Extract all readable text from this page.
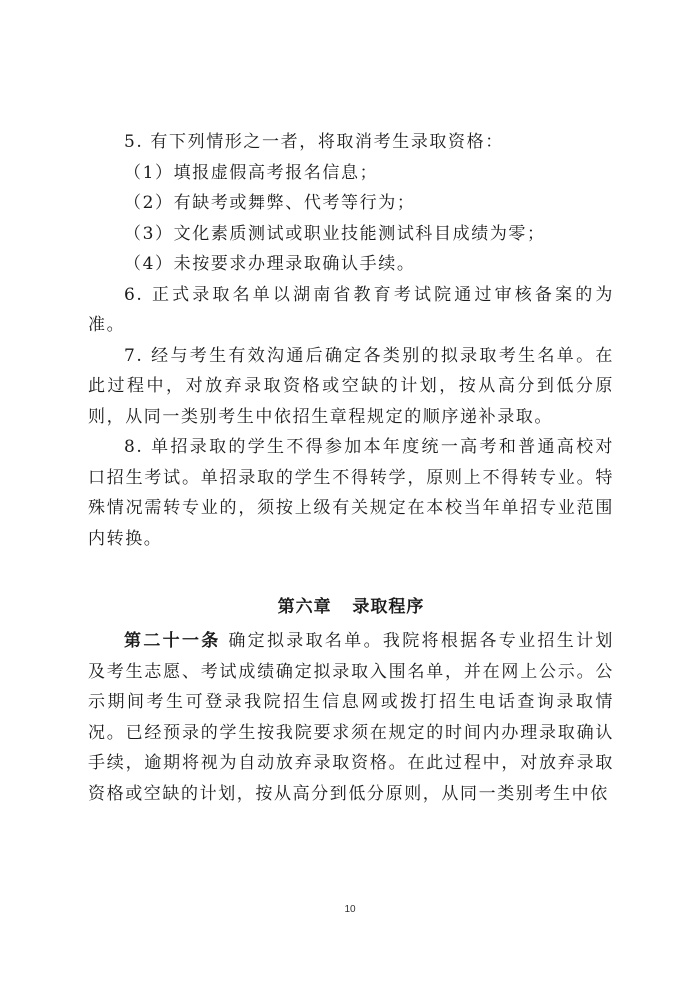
5. 有下列情形之一者，将取消考生录取资格：

（1）填报虚假高考报名信息；

（2）有缺考或舞弊、代考等行为；

（3）文化素质测试或职业技能测试科目成绩为零；

（4）未按要求办理录取确认手续。

6. 正式录取名单以湖南省教育考试院通过审核备案的为准。

7. 经与考生有效沟通后确定各类别的拟录取考生名单。在此过程中，对放弃录取资格或空缺的计划，按从高分到低分原则，从同一类别考生中依招生章程规定的顺序递补录取。

8. 单招录取的学生不得参加本年度统一高考和普通高校对口招生考试。单招录取的学生不得转学，原则上不得转专业。特殊情况需转专业的，须按上级有关规定在本校当年单招专业范围内转换。

第六章   录取程序

第二十一条 确定拟录取名单。我院将根据各专业招生计划及考生志愿、考试成绩确定拟录取入围名单，并在网上公示。公示期间考生可登录我院招生信息网或拨打招生电话查询录取情况。已经预录的学生按我院要求须在规定的时间内办理录取确认手续，逾期将视为自动放弃录取资格。在此过程中，对放弃录取资格或空缺的计划，按从高分到低分原则，从同一类别考生中依

10
